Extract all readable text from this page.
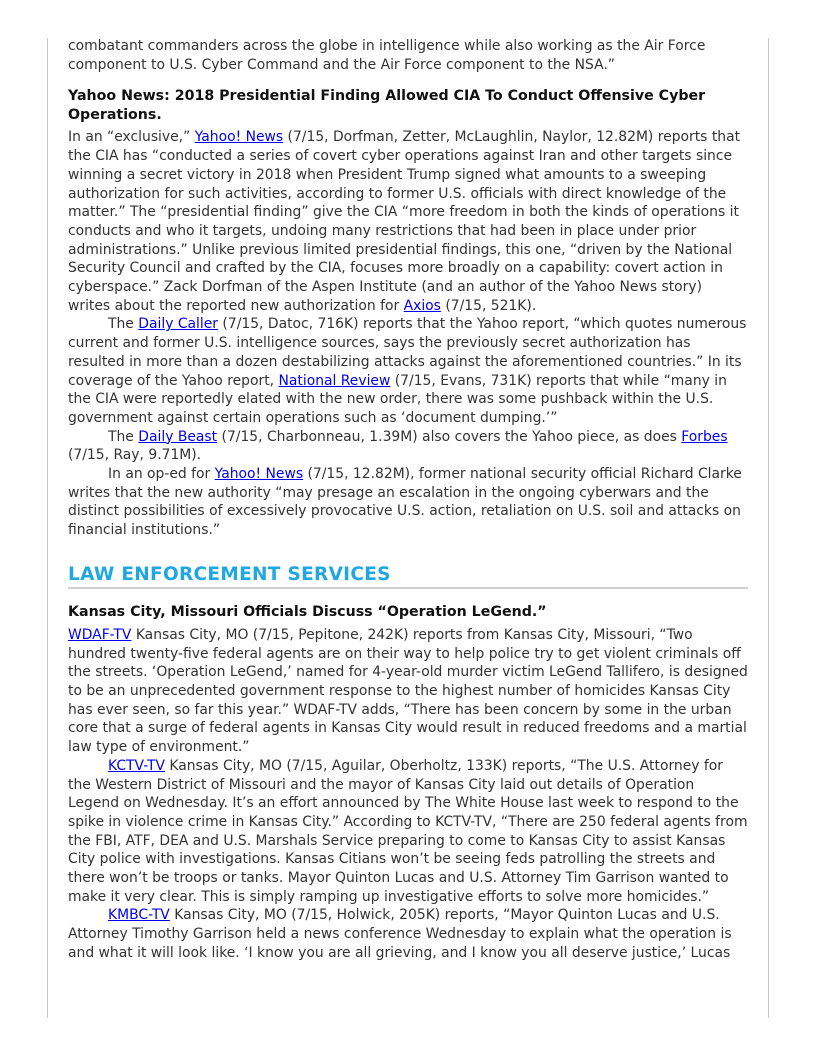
combatant commanders across the globe in intelligence while also working as the Air Force component to U.S. Cyber Command and the Air Force component to the NSA.”

Yahoo News: 2018 Presidential Finding Allowed CIA To Conduct Offensive Cyber Operations.

In an “exclusive,” Yahoo! News (7/15, Dorfman, Zetter, McLaughlin, Naylor, 12.82M) reports that the CIA has “conducted a series of covert cyber operations against Iran and other targets since winning a secret victory in 2018 when President Trump signed what amounts to a sweeping authorization for such activities, according to former U.S. officials with direct knowledge of the matter.” The “presidential finding” give the CIA “more freedom in both the kinds of operations it conducts and who it targets, undoing many restrictions that had been in place under prior administrations.” Unlike previous limited presidential findings, this one, “driven by the National Security Council and crafted by the CIA, focuses more broadly on a capability: covert action in cyberspace.” Zack Dorfman of the Aspen Institute (and an author of the Yahoo News story) writes about the reported new authorization for Axios (7/15, 521K).

The Daily Caller (7/15, Datoc, 716K) reports that the Yahoo report, “which quotes numerous current and former U.S. intelligence sources, says the previously secret authorization has resulted in more than a dozen destabilizing attacks against the aforementioned countries.” In its coverage of the Yahoo report, National Review (7/15, Evans, 731K) reports that while “many in the CIA were reportedly elated with the new order, there was some pushback within the U.S. government against certain operations such as ‘document dumping.’”

The Daily Beast (7/15, Charbonneau, 1.39M) also covers the Yahoo piece, as does Forbes (7/15, Ray, 9.71M).

In an op-ed for Yahoo! News (7/15, 12.82M), former national security official Richard Clarke writes that the new authority “may presage an escalation in the ongoing cyberwars and the distinct possibilities of excessively provocative U.S. action, retaliation on U.S. soil and attacks on financial institutions.”

LAW ENFORCEMENT SERVICES
Kansas City, Missouri Officials Discuss “Operation LeGend.”

WDAF-TV Kansas City, MO (7/15, Pepitone, 242K) reports from Kansas City, Missouri, “Two hundred twenty-five federal agents are on their way to help police try to get violent criminals off the streets. ‘Operation LeGend,’ named for 4-year-old murder victim LeGend Tallifero, is designed to be an unprecedented government response to the highest number of homicides Kansas City has ever seen, so far this year.” WDAF-TV adds, “There has been concern by some in the urban core that a surge of federal agents in Kansas City would result in reduced freedoms and a martial law type of environment.”

KCTV-TV Kansas City, MO (7/15, Aguilar, Oberholtz, 133K) reports, “The U.S. Attorney for the Western District of Missouri and the mayor of Kansas City laid out details of Operation Legend on Wednesday. It’s an effort announced by The White House last week to respond to the spike in violence crime in Kansas City.” According to KCTV-TV, “There are 250 federal agents from the FBI, ATF, DEA and U.S. Marshals Service preparing to come to Kansas City to assist Kansas City police with investigations. Kansas Citians won’t be seeing feds patrolling the streets and there won’t be troops or tanks. Mayor Quinton Lucas and U.S. Attorney Tim Garrison wanted to make it very clear. This is simply ramping up investigative efforts to solve more homicides.”

KMBC-TV Kansas City, MO (7/15, Holwick, 205K) reports, “Mayor Quinton Lucas and U.S. Attorney Timothy Garrison held a news conference Wednesday to explain what the operation is and what it will look like. ‘I know you are all grieving, and I know you all deserve justice,’ Lucas
